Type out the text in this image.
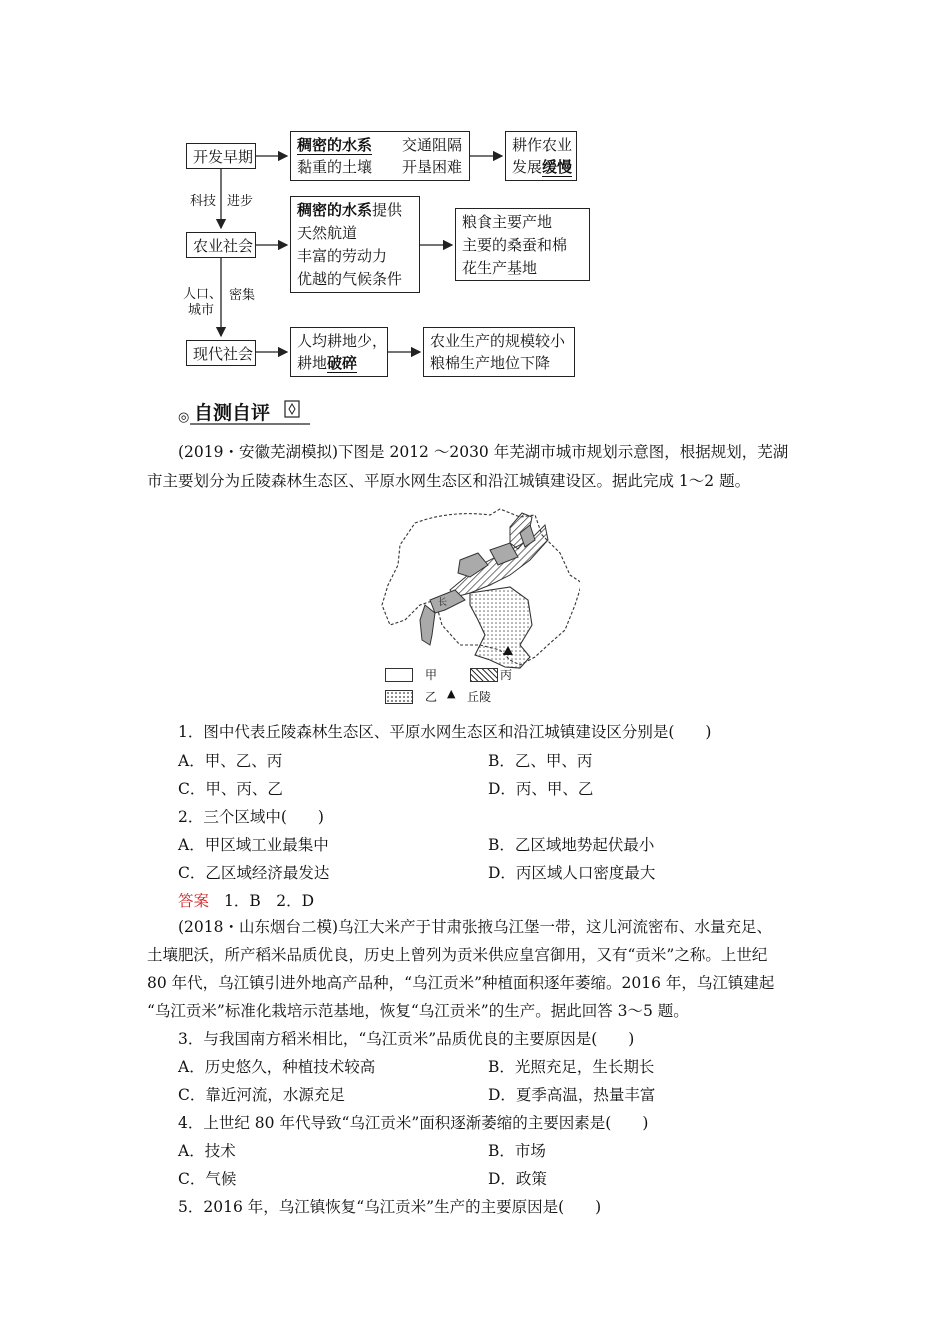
开发早期
农业社会
现代社会
科技 进步
人口、
城市
密集
稠密的水系 交通阻隔
黏重的土壤 开垦困难
耕作农业
发展缓慢
稠密的水系提供
天然航道
丰富的劳动力
优越的气候条件
粮食主要产地
主要的桑蚕和棉
花生产基地
人均耕地少，
耕地破碎
农业生产的规模较小
粮棉生产地位下降
◎ 自测自评
(2019・安徽芜湖模拟)下图是 2012 ～2030 年芜湖市城市规划示意图，根据规划，芜湖
市主要划分为丘陵森林生态区、平原水网生态区和沿江城镇建设区。据此完成 1～2 题。
长
甲	丙
乙 ▲ 丘陵
1．图中代表丘陵森林生态区、平原水网生态区和沿江城镇建设区分别是(　　)
A．甲、乙、丙	B．乙、甲、丙
C．甲、丙、乙	D．丙、甲、乙
2．三个区域中(　　)
A．甲区域工业最集中	B．乙区域地势起伏最小
C．乙区域经济最发达	D．丙区域人口密度最大
答案 1．B　2．D
(2018・山东烟台二模)乌江大米产于甘肃张掖乌江堡一带，这儿河流密布、水量充足、
土壤肥沃，所产稻米品质优良，历史上曾列为贡米供应皇宫御用，又有“贡米”之称。上世纪
80 年代，乌江镇引进外地高产品种，“乌江贡米”种植面积逐年萎缩。2016 年，乌江镇建起
“乌江贡米”标准化栽培示范基地，恢复“乌江贡米”的生产。据此回答 3～5 题。
3．与我国南方稻米相比，“乌江贡米”品质优良的主要原因是(　　)
A．历史悠久，种植技术较高	B．光照充足，生长期长
C．靠近河流，水源充足	D．夏季高温，热量丰富
4．上世纪 80 年代导致“乌江贡米”面积逐渐萎缩的主要因素是(　　)
A．技术	B．市场
C．气候	D．政策
5．2016 年，乌江镇恢复“乌江贡米”生产的主要原因是(　　)
